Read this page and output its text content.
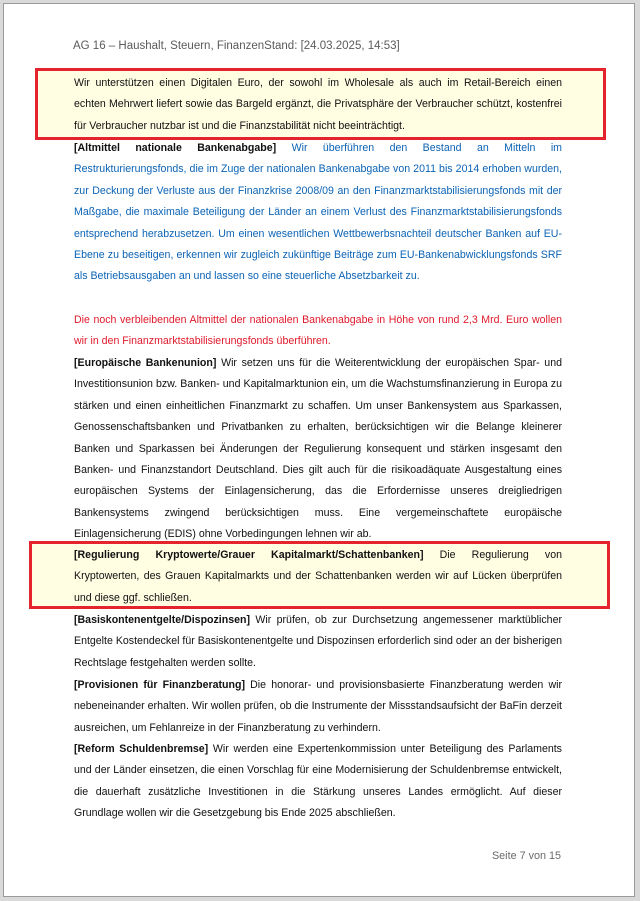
AG 16 – Haushalt, Steuern, FinanzenStand: [24.03.2025, 14:53]
Wir unterstützen einen Digitalen Euro, der sowohl im Wholesale als auch im Retail-Bereich einen echten Mehrwert liefert sowie das Bargeld ergänzt, die Privatsphäre der Verbraucher schützt, kostenfrei für Verbraucher nutzbar ist und die Finanzstabilität nicht beeinträchtigt.
[Altmittel nationale Bankenabgabe] Wir überführen den Bestand an Mitteln im Restrukturierungsfonds, die im Zuge der nationalen Bankenabgabe von 2011 bis 2014 erhoben wurden, zur Deckung der Verluste aus der Finanzkrise 2008/09 an den Finanzmarktstabilisierungsfonds mit der Maßgabe, die maximale Beteiligung der Länder an einem Verlust des Finanzmarktstabilisierungsfonds entsprechend herabzusetzen. Um einen wesentlichen Wettbewerbsnachteil deutscher Banken auf EU-Ebene zu beseitigen, erkennen wir zugleich zukünftige Beiträge zum EU-Bankenabwicklungsfonds SRF als Betriebsausgaben an und lassen so eine steuerliche Absetzbarkeit zu.
Die noch verbleibenden Altmittel der nationalen Bankenabgabe in Höhe von rund 2,3 Mrd. Euro wollen wir in den Finanzmarktstabilisierungsfonds überführen.
[Europäische Bankenunion] Wir setzen uns für die Weiterentwicklung der europäischen Spar- und Investitionsunion bzw. Banken- und Kapitalmarktunion ein, um die Wachstumsfinanzierung in Europa zu stärken und einen einheitlichen Finanzmarkt zu schaffen. Um unser Bankensystem aus Sparkassen, Genossenschaftsbanken und Privatbanken zu erhalten, berücksichtigen wir die Belange kleinerer Banken und Sparkassen bei Änderungen der Regulierung konsequent und stärken insgesamt den Banken- und Finanzstandort Deutschland. Dies gilt auch für die risikoadäquate Ausgestaltung eines europäischen Systems der Einlagensicherung, das die Erfordernisse unseres dreigliedrigen Bankensystems zwingend berücksichtigen muss. Eine vergemeinschaftete europäische Einlagensicherung (EDIS) ohne Vorbedingungen lehnen wir ab.
[Regulierung Kryptowerte/Grauer Kapitalmarkt/Schattenbanken] Die Regulierung von Kryptowerten, des Grauen Kapitalmarkts und der Schattenbanken werden wir auf Lücken überprüfen und diese ggf. schließen.
[Basiskontenentgelte/Dispozinsen] Wir prüfen, ob zur Durchsetzung angemessener marktüblicher Entgelte Kostendeckel für Basiskontenentgelte und Dispozinsen erforderlich sind oder an der bisherigen Rechtslage festgehalten werden sollte.
[Provisionen für Finanzberatung] Die honorar- und provisionsbasierte Finanzberatung werden wir nebeneinander erhalten. Wir wollen prüfen, ob die Instrumente der Missstandsaufsicht der BaFin derzeit ausreichen, um Fehlanreize in der Finanzberatung zu verhindern.
[Reform Schuldenbremse] Wir werden eine Expertenkommission unter Beteiligung des Parlaments und der Länder einsetzen, die einen Vorschlag für eine Modernisierung der Schuldenbremse entwickelt, die dauerhaft zusätzliche Investitionen in die Stärkung unseres Landes ermöglicht. Auf dieser Grundlage wollen wir die Gesetzgebung bis Ende 2025 abschließen.
Seite 7 von 15
